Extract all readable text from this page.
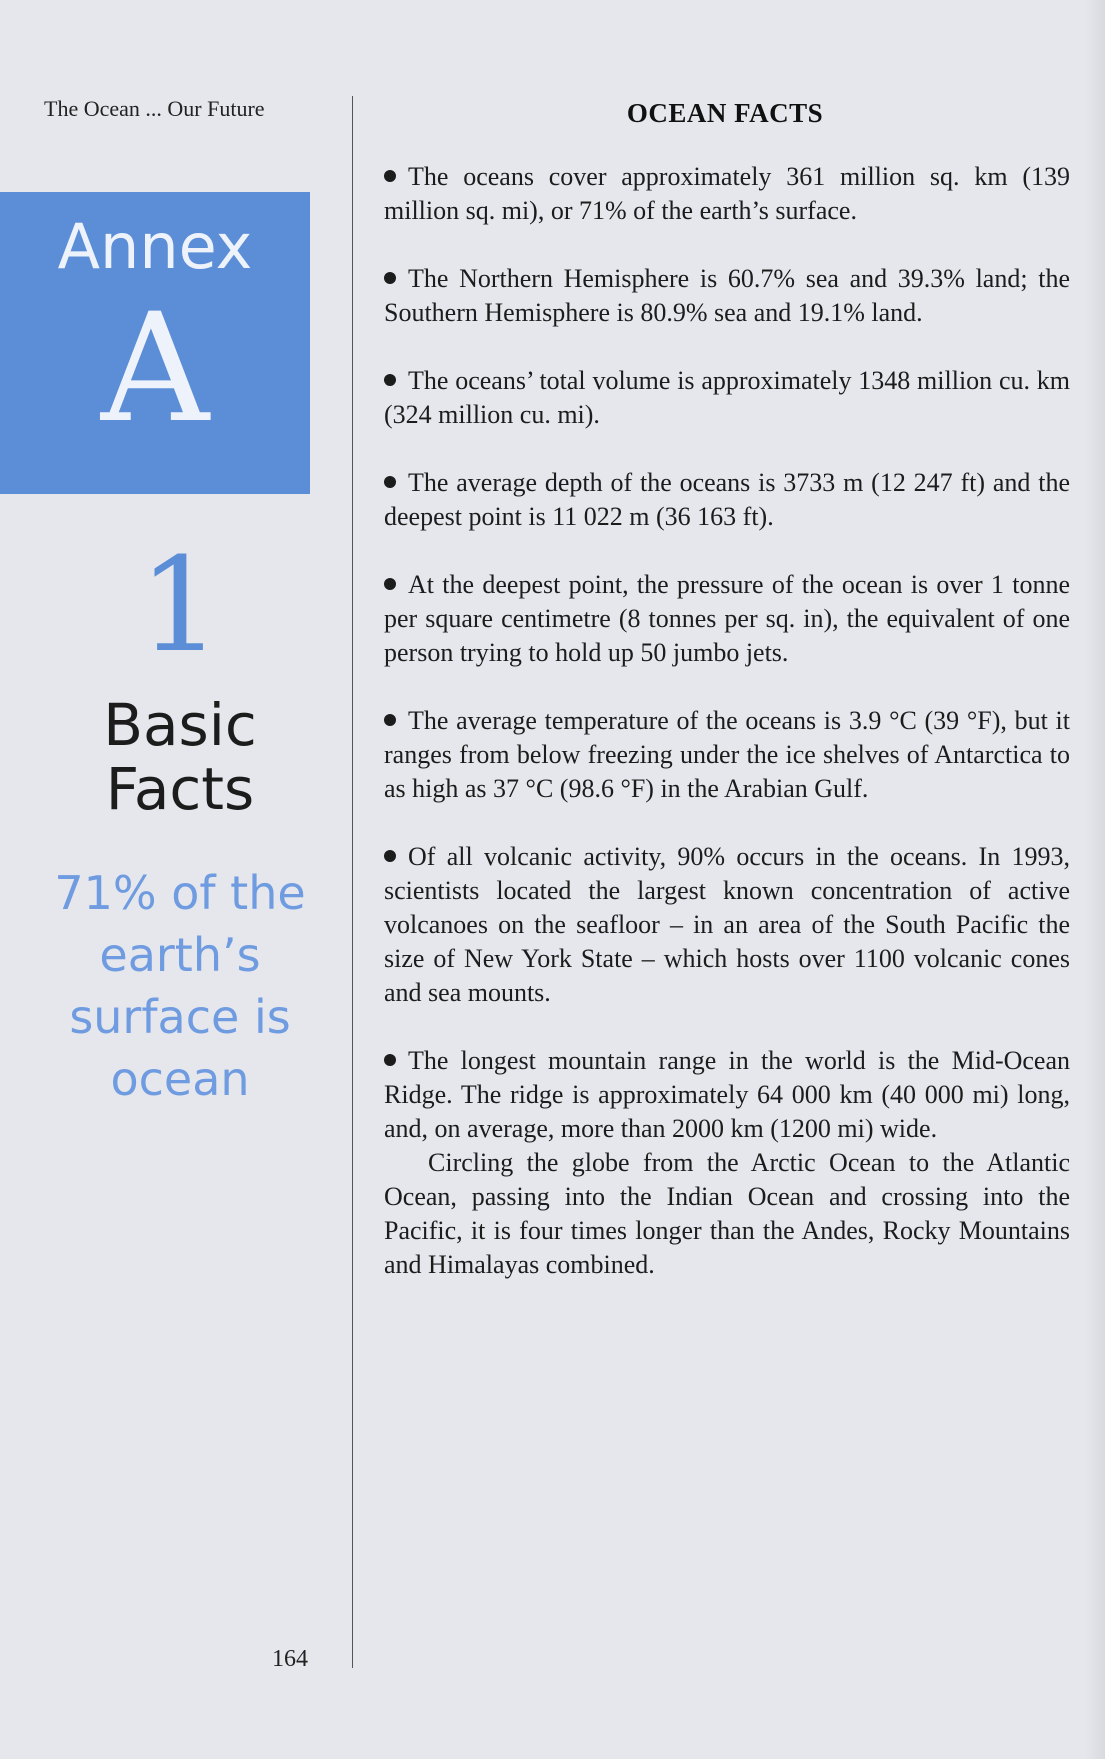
The Ocean ... Our Future
Annex
A
1
Basic
Facts
71% of the
earth’s
surface is
ocean
164
OCEAN FACTS

The oceans cover approximately 361 million sq. km (139 million sq. mi), or 71% of the earth’s surface.

The Northern Hemisphere is 60.7% sea and 39.3% land; the Southern Hemisphere is 80.9% sea and 19.1% land.

The oceans’ total volume is approximately 1348 million cu. km (324 million cu. mi).

The average depth of the oceans is 3733 m (12 247 ft) and the deepest point is 11 022 m (36 163 ft).

At the deepest point, the pressure of the ocean is over 1 tonne per square centimetre (8 tonnes per sq. in), the equivalent of one person trying to hold up 50 jumbo jets.

The average temperature of the oceans is 3.9 °C (39 °F), but it ranges from below freezing under the ice shelves of Antarctica to as high as 37 °C (98.6 °F) in the Arabian Gulf.

Of all volcanic activity, 90% occurs in the oceans. In 1993, scientists located the largest known concentration of active volcanoes on the seafloor – in an area of the South Pacific the size of New York State – which hosts over 1100 volcanic cones and sea mounts.

The longest mountain range in the world is the Mid-Ocean Ridge. The ridge is approximately 64 000 km (40 000 mi) long, and, on average, more than 2000 km (1200 mi) wide.

Circling the globe from the Arctic Ocean to the Atlantic Ocean, passing into the Indian Ocean and crossing into the Pacific, it is four times longer than the Andes, Rocky Mountains and Himalayas combined.
